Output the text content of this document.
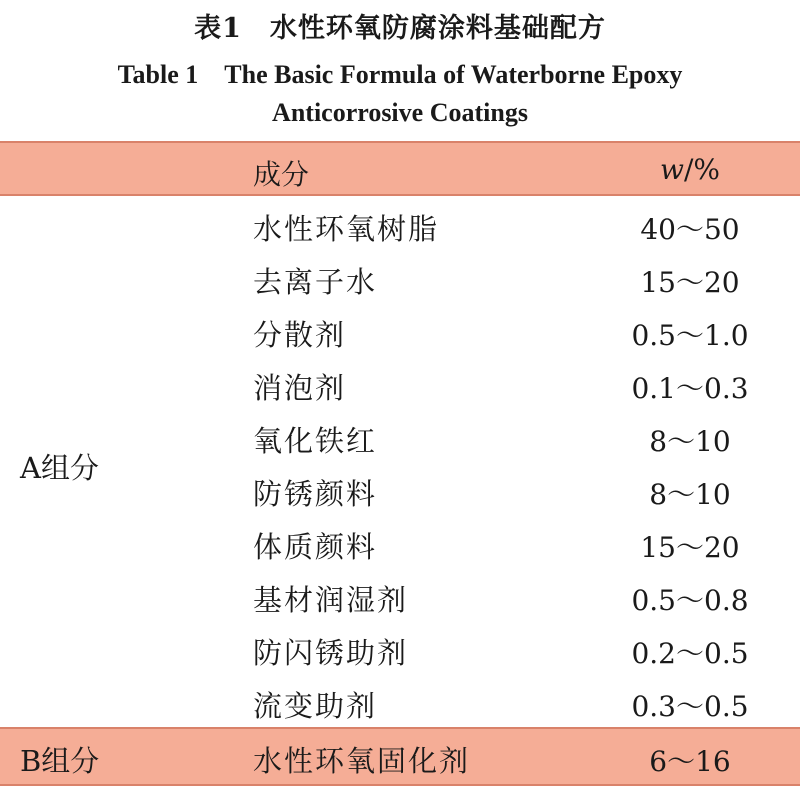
表1　水性环氧防腐涂料基础配方
Table 1　The Basic Formula of Waterborne Epoxy
Anticorrosive Coatings
成分	w/%
A组分
水性环氧树脂	40～50
去离子水	15～20
分散剂	0.5～1.0
消泡剂	0.1～0.3
氧化铁红	8～10
防锈颜料	8～10
体质颜料	15～20
基材润湿剂	0.5～0.8
防闪锈助剂	0.2～0.5
流变助剂	0.3～0.5
B组分	水性环氧固化剂	6～16
